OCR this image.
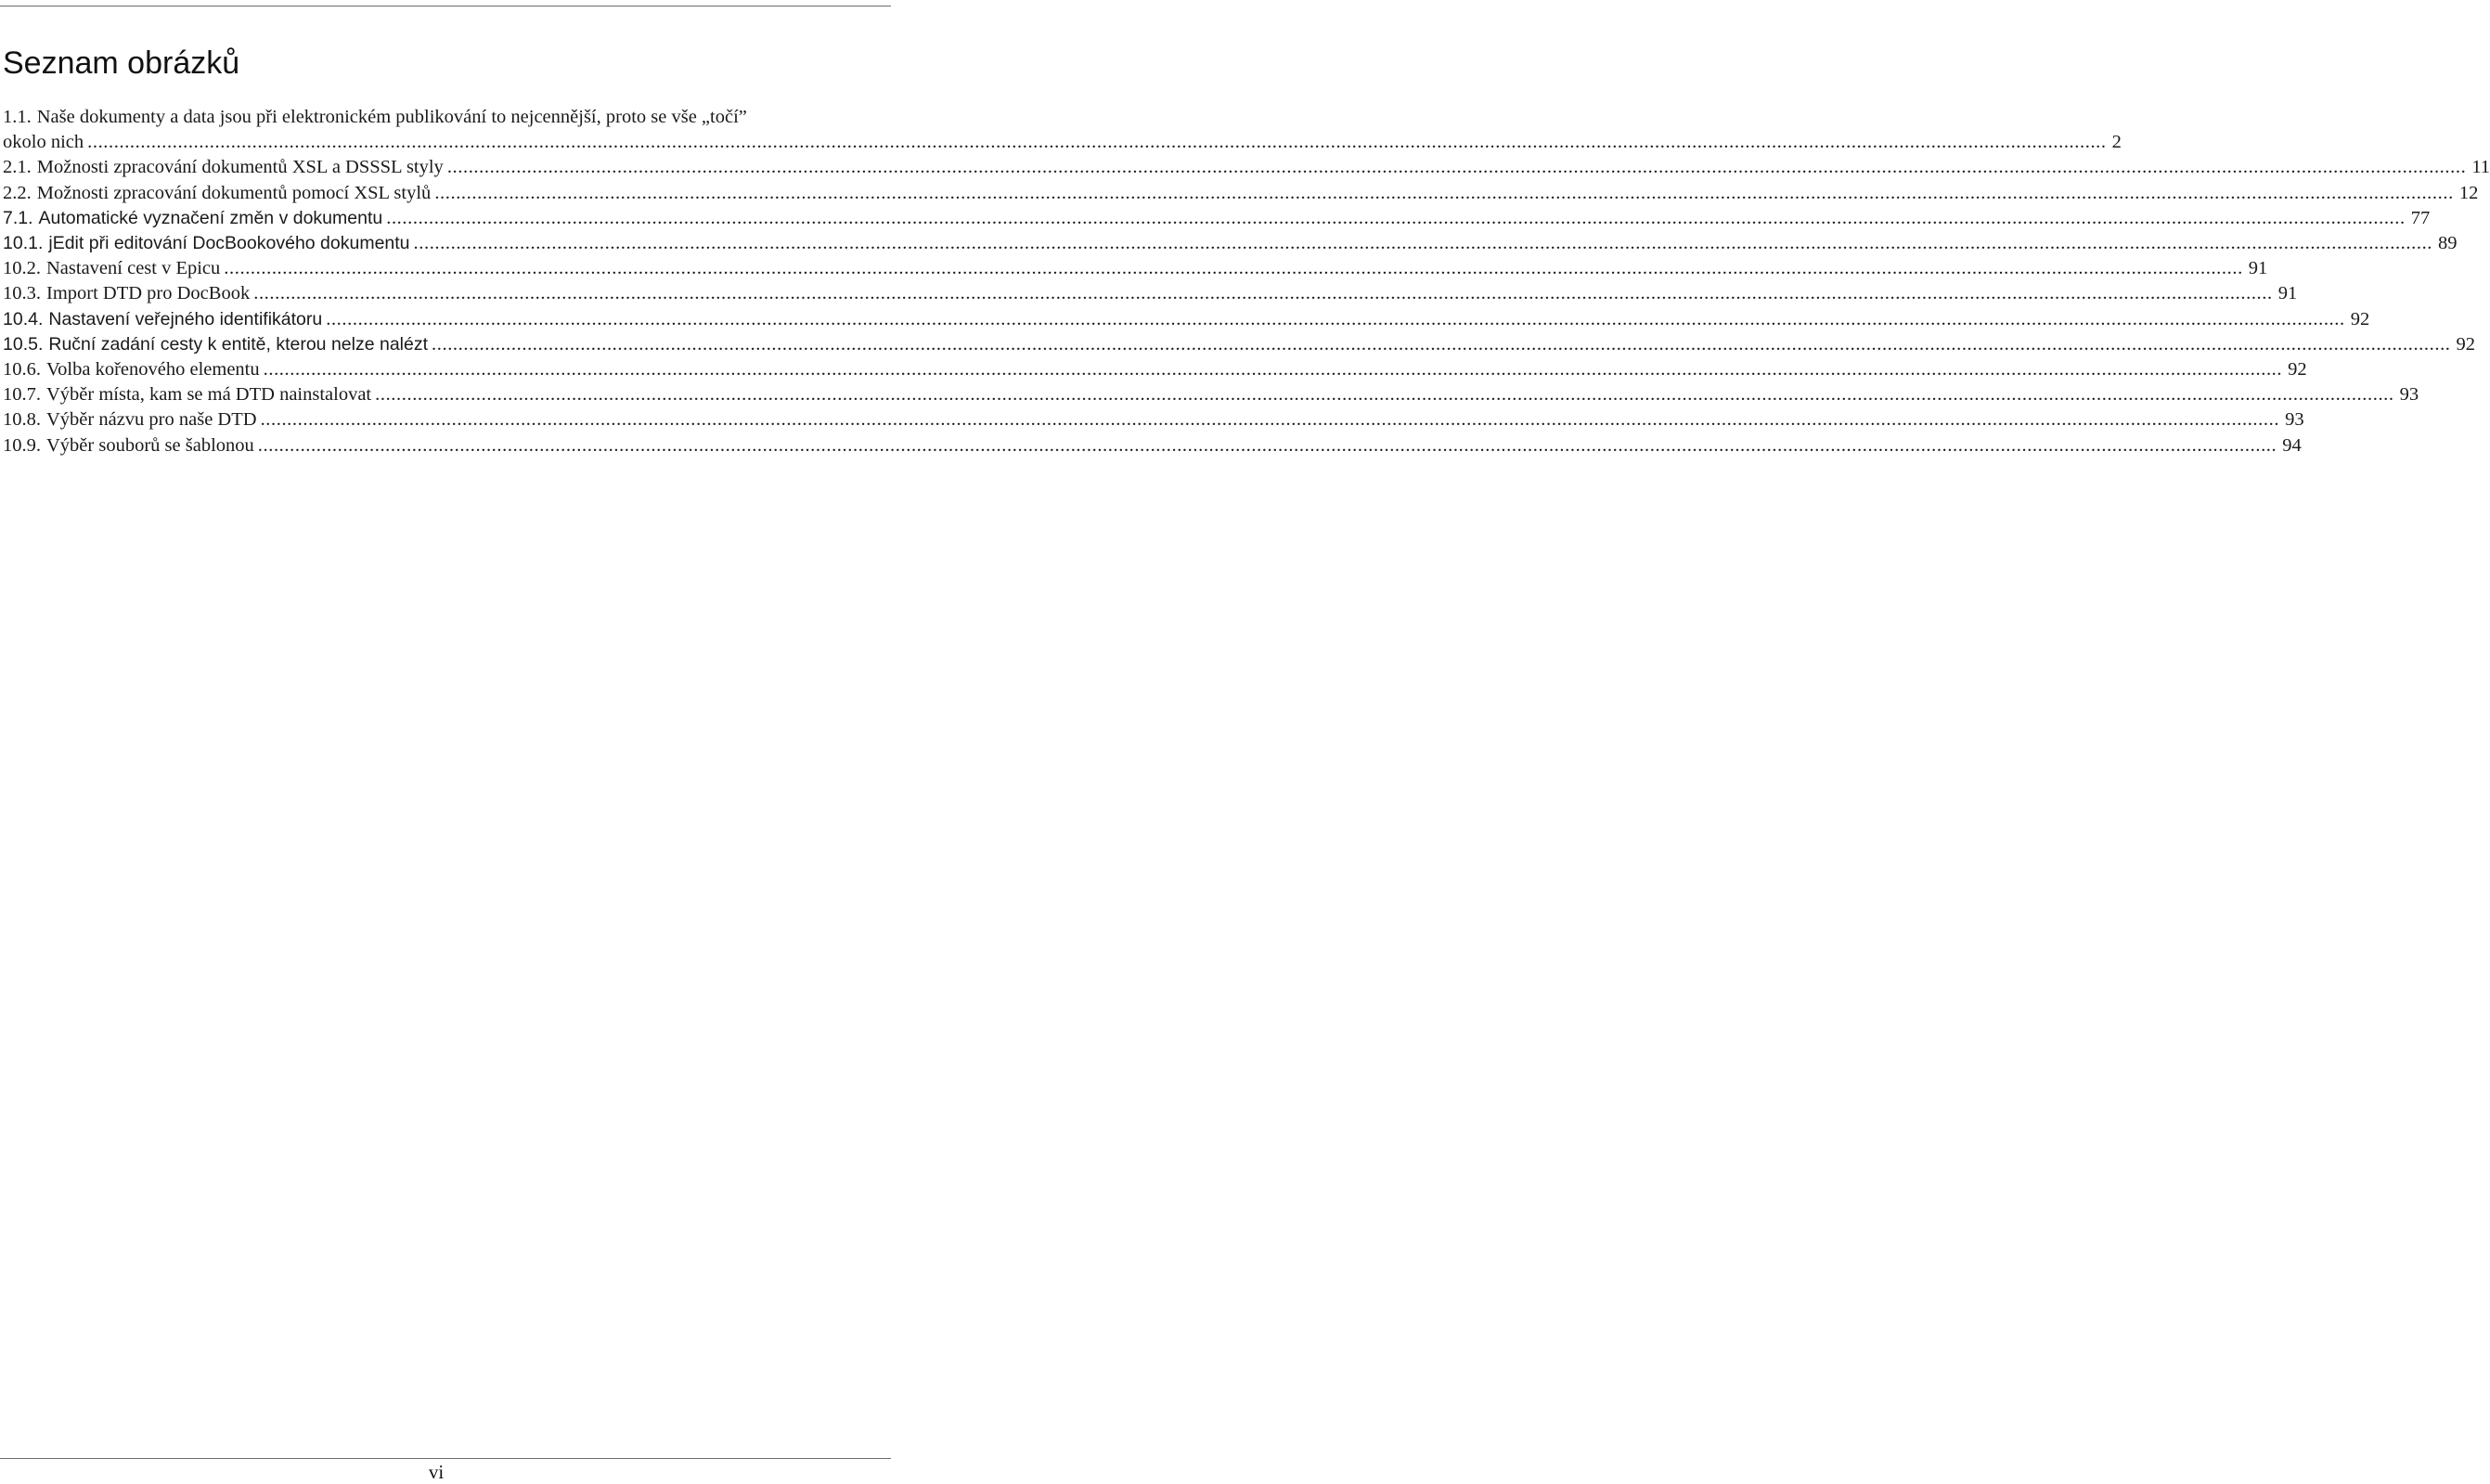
Seznam obrázků
1.1. Naše dokumenty a data jsou při elektronickém publikování to nejcennější, proto se vše „točí”
okolo nich .....	2
2.1. Možnosti zpracování dokumentů XSL a DSSSL styly .....	11
2.2. Možnosti zpracování dokumentů pomocí XSL stylů .....	12
7.1. Automatické vyznačení změn v dokumentu .....	77
10.1. jEdit při editování DocBookového dokumentu .....	89
10.2. Nastavení cest v Epicu .....	91
10.3. Import DTD pro DocBook .....	91
10.4. Nastavení veřejného identifikátoru .....	92
10.5. Ruční zadání cesty k entitě, kterou nelze nalézt .....	92
10.6. Volba kořenového elementu .....	92
10.7. Výběr místa, kam se má DTD nainstalovat .....	93
10.8. Výběr názvu pro naše DTD .....	93
10.9. Výběr souborů se šablonou .....	94
vi
